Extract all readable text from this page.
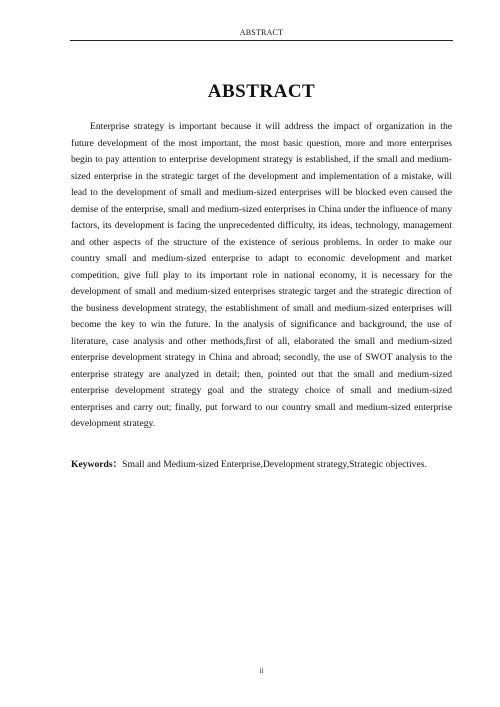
ABSTRACT
ABSTRACT

Enterprise strategy is important because it will address the impact of organization in the future development of the most important, the most basic question, more and more enterprises begin to pay attention to enterprise development strategy is established, if the small and medium-sized enterprise in the strategic target of the development and implementation of a mistake, will lead to the development of small and medium-sized enterprises will be blocked even caused the demise of the enterprise, small and medium-sized enterprises in China under the influence of many factors, its development is facing the unprecedented difficulty, its ideas, technology, management and other aspects of the structure of the existence of serious problems. In order to make our country small and medium-sized enterprise to adapt to economic development and market competition, give full play to its important role in national economy, it is necessary for the development of small and medium-sized enterprises strategic target and the strategic direction of the business development strategy, the establishment of small and medium-sized enterprises will become the key to win the future. In the analysis of significance and background, the use of literature, case analysis and other methods,first of all, elaborated the small and medium-sized enterprise development strategy in China and abroad; secondly, the use of SWOT analysis to the enterprise strategy are analyzed in detail; then, pointed out that the small and medium-sized enterprise development strategy goal and the strategy choice of small and medium-sized enterprises and carry out; finally, put forward to our country small and medium-sized enterprise development strategy.

Keywords：Small and Medium-sized Enterprise,Development strategy,Strategic objectives.

ii
